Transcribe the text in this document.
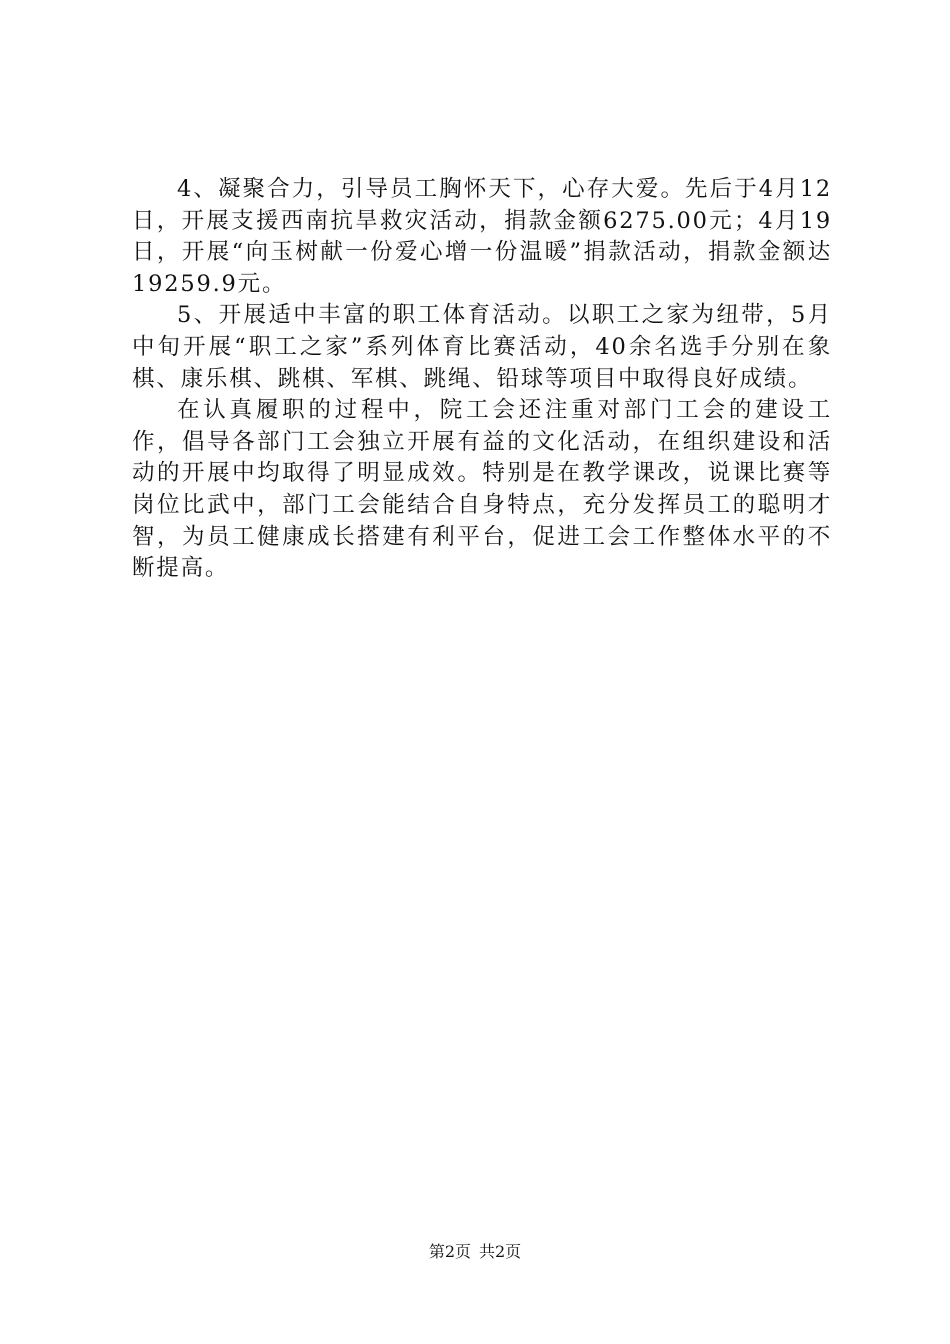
4、凝聚合力，引导员工胸怀天下，心存大爱。先后于4月12日，开展支援西南抗旱救灾活动，捐款金额6275.00元；4月19日，开展“向玉树献一份爱心增一份温暖”捐款活动，捐款金额达19259.9元。

5、开展适中丰富的职工体育活动。以职工之家为纽带，5月中旬开展“职工之家”系列体育比赛活动，40余名选手分别在象棋、康乐棋、跳棋、军棋、跳绳、铅球等项目中取得良好成绩。

在认真履职的过程中，院工会还注重对部门工会的建设工作，倡导各部门工会独立开展有益的文化活动，在组织建设和活动的开展中均取得了明显成效。特别是在教学课改，说课比赛等岗位比武中，部门工会能结合自身特点，充分发挥员工的聪明才智，为员工健康成长搭建有利平台，促进工会工作整体水平的不断提高。

第2页 共2页
